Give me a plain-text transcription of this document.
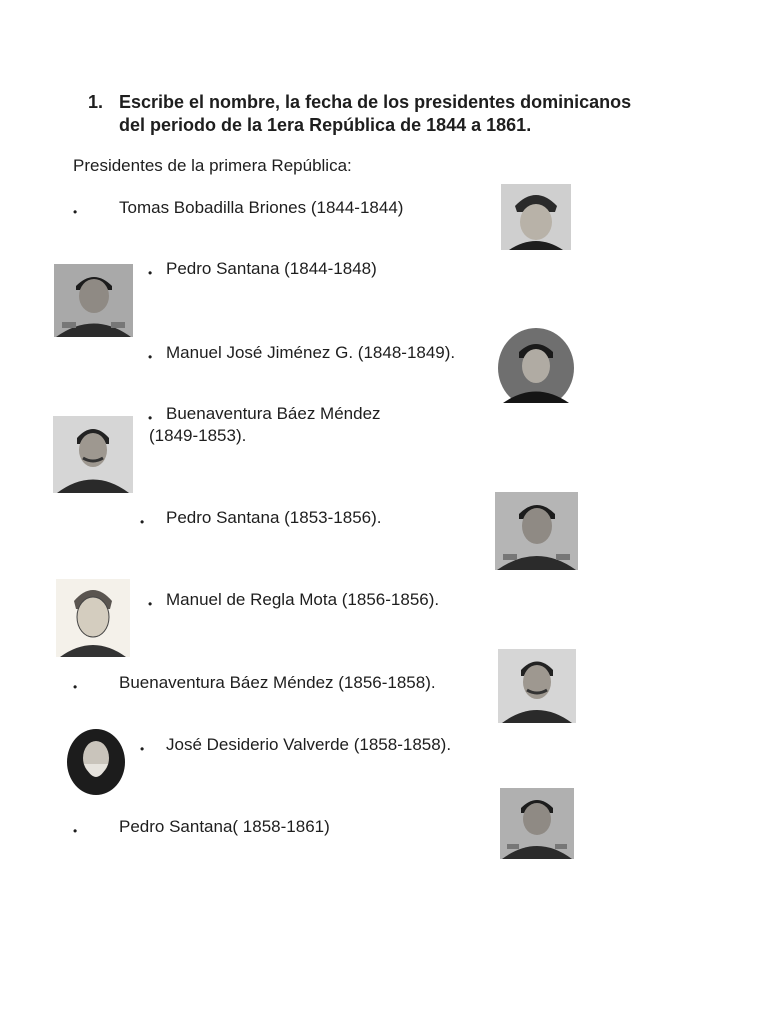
1. Escribe el nombre, la fecha de los presidentes dominicanos
del periodo de la 1era República de 1844 a 1861.
Presidentes de la primera República:
• Tomas Bobadilla Briones (1844-1844)
• Pedro Santana (1844-1848)
• Manuel José Jiménez G. (1848-1849).
• Buenaventura Báez Méndez
(1849-1853).
• Pedro Santana (1853-1856).
• Manuel de Regla Mota (1856-1856).
• Buenaventura Báez Méndez (1856-1858).
• José Desiderio Valverde (1858-1858).
• Pedro Santana( 1858-1861)
